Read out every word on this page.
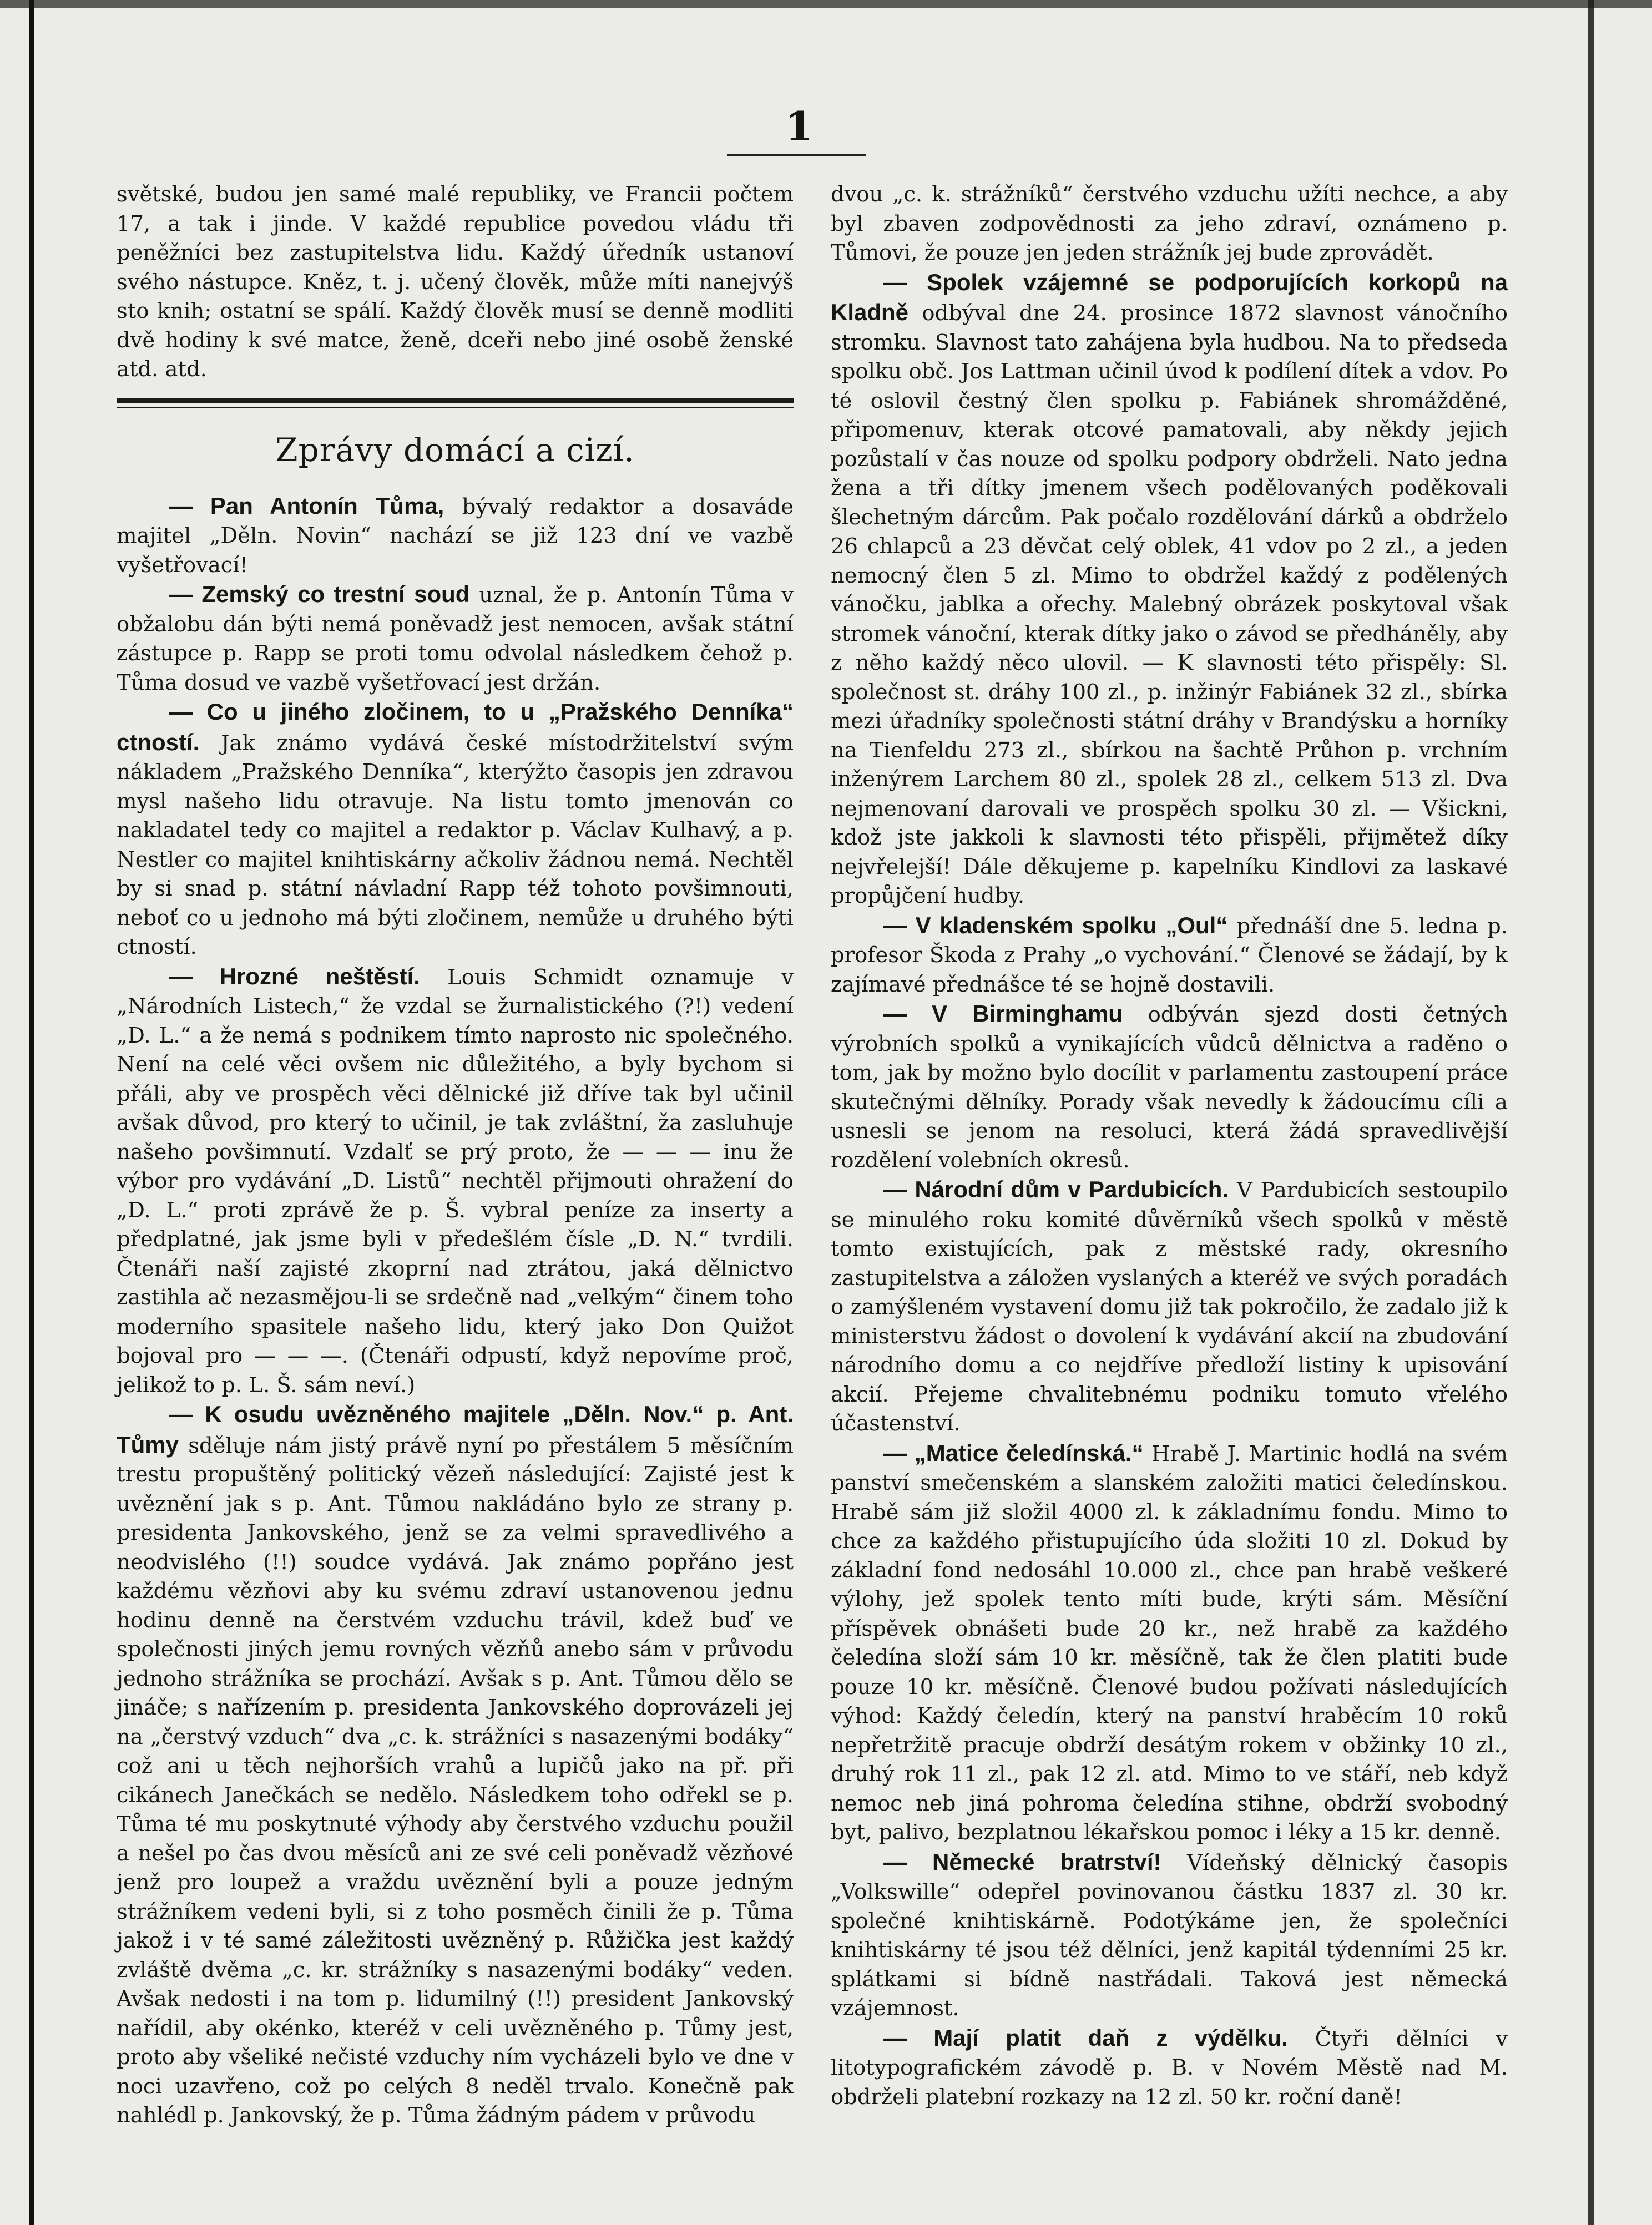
1

světské, budou jen samé malé republiky, ve Francii počtem 17, a tak i jinde. V každé republice povedou vládu tři peněžníci bez zastupitelstva lidu. Každý úředník ustanoví svého nástupce. Kněz, t. j. učený člověk, může míti nanejvýš sto knih; ostatní se spálí. Každý člověk musí se denně modliti dvě hodiny k své matce, ženě, dceři nebo jiné osobě ženské atd. atd.

Zprávy domácí a cizí.

— Pan Antonín Tůma, bývalý redaktor a dosaváde majitel „Děln. Novin“ nachází se již 123 dní ve vazbě vyšetřovací!

— Zemský co trestní soud uznal, že p. Antonín Tůma v obžalobu dán býti nemá poněvadž jest nemocen, avšak státní zástupce p. Rapp se proti tomu odvolal následkem čehož p. Tůma dosud ve vazbě vyšetřovací jest držán.

— Co u jiného zločinem, to u „Pražského Denníka“ ctností. Jak známo vydává české místodržitelství svým nákladem „Pražského Denníka“, kterýžto časopis jen zdravou mysl našeho lidu otravuje. Na listu tomto jmenován co nakladatel tedy co majitel a redaktor p. Václav Kulhavý, a p. Nestler co majitel knihtiskárny ačkoliv žádnou nemá. Nechtěl by si snad p. státní návladní Rapp též tohoto povšimnouti, neboť co u jednoho má býti zločinem, nemůže u druhého býti ctností.

— Hrozné neštěstí. Louis Schmidt oznamuje v „Národních Listech,“ že vzdal se žurnalistického (?!) vedení „D. L.“ a že nemá s podnikem tímto naprosto nic společného. Není na celé věci ovšem nic důležitého, a byly bychom si přáli, aby ve prospěch věci dělnické již dříve tak byl učinil avšak důvod, pro který to učinil, je tak zvláštní, ža zasluhuje našeho povšimnutí. Vzdalť se prý proto, že — — — inu že výbor pro vydávání „D. Listů“ nechtěl přijmouti ohražení do „D. L.“ proti zprávě že p. Š. vybral peníze za inserty a předplatné, jak jsme byli v předešlém čísle „D. N.“ tvrdili. Čtenáři naší zajisté zkoprní nad ztrátou, jaká dělnictvo zastihla ač nezasmějou-li se srdečně nad „velkým“ činem toho moderního spasitele našeho lidu, který jako Don Quižot bojoval pro — — —. (Čtenáři odpustí, když nepovíme proč, jelikož to p. L. Š. sám neví.)

— K osudu uvězněného majitele „Děln. Nov.“ p. Ant. Tůmy sděluje nám jistý právě nyní po přestálem 5 měsíčním trestu propuštěný politický vězeň následující: Zajisté jest k uvěznění jak s p. Ant. Tůmou nakládáno bylo ze strany p. presidenta Jankovského, jenž se za velmi spravedlivého a neodvislého (!!) soudce vydává. Jak známo popřáno jest každému vězňovi aby ku svému zdraví ustanovenou jednu hodinu denně na čerstvém vzduchu trávil, kdež buď ve společnosti jiných jemu rovných vězňů anebo sám v průvodu jednoho strážníka se prochází. Avšak s p. Ant. Tůmou dělo se jináče; s nařízením p. presidenta Jankovského doprovázeli jej na „čerstvý vzduch“ dva „c. k. strážníci s nasazenými bodáky“ což ani u těch nejhorších vrahů a lupičů jako na př. při cikánech Janečkách se nedělo. Následkem toho odřekl se p. Tůma té mu poskytnuté výhody aby čerstvého vzduchu použil a nešel po čas dvou měsíců ani ze své celi poněvadž vězňové jenž pro loupež a vraždu uvěznění byli a pouze jedným strážníkem vedeni byli, si z toho posměch činili že p. Tůma jakož i v té samé záležitosti uvězněný p. Růžička jest každý zvláště dvěma „c. kr. strážníky s nasazenými bodáky“ veden. Avšak nedosti i na tom p. lidumilný (!!) president Jankovský nařídil, aby okénko, kteréž v celi uvězněného p. Tůmy jest, proto aby všeliké nečisté vzduchy ním vycházeli bylo ve dne v noci uzavřeno, což po celých 8 neděl trvalo. Konečně pak nahlédl p. Jankovský, že p. Tůma žádným pádem v průvodu

dvou „c. k. strážníků“ čerstvého vzduchu užíti nechce, a aby byl zbaven zodpovědnosti za jeho zdraví, oznámeno p. Tůmovi, že pouze jen jeden strážník jej bude zprovádět.

— Spolek vzájemné se podporujících korkopů na Kladně odbýval dne 24. prosince 1872 slavnost vánočního stromku. Slavnost tato zahájena byla hudbou. Na to předseda spolku obč. Jos Lattman učinil úvod k podílení dítek a vdov. Po té oslovil čestný člen spolku p. Fabiánek shromážděné, připomenuv, kterak otcové pamatovali, aby někdy jejich pozůstalí v čas nouze od spolku podpory obdrželi. Nato jedna žena a tři dítky jmenem všech podělovaných poděkovali šlechetným dárcům. Pak počalo rozdělování dárků a obdrželo 26 chlapců a 23 děvčat celý oblek, 41 vdov po 2 zl., a jeden nemocný člen 5 zl. Mimo to obdržel každý z podělených vánočku, jablka a ořechy. Malebný obrázek poskytoval však stromek vánoční, kterak dítky jako o závod se předháněly, aby z něho každý něco ulovil. — K slavnosti této přispěly: Sl. společnost st. dráhy 100 zl., p. inžinýr Fabiánek 32 zl., sbírka mezi úřadníky společnosti státní dráhy v Brandýsku a horníky na Tienfeldu 273 zl., sbírkou na šachtě Průhon p. vrchním inženýrem Larchem 80 zl., spolek 28 zl., celkem 513 zl. Dva nejmenovaní darovali ve prospěch spolku 30 zl. — Všickni, kdož jste jakkoli k slavnosti této přispěli, přijmětež díky nejvřelejší! Dále děkujeme p. kapelníku Kindlovi za laskavé propůjčení hudby.

— V kladenském spolku „Oul“ přednáší dne 5. ledna p. profesor Škoda z Prahy „o vychování.“ Členové se žádají, by k zajímavé přednášce té se hojně dostavili.

— V Birminghamu odbýván sjezd dosti četných výrobních spolků a vynikajících vůdců dělnictva a raděno o tom, jak by možno bylo docílit v parlamentu zastoupení práce skutečnými dělníky. Porady však nevedly k žádoucímu cíli a usnesli se jenom na resoluci, která žádá spravedlivější rozdělení volebních okresů.

— Národní dům v Pardubicích. V Pardubicích sestoupilo se minulého roku komité důvěrníků všech spolků v městě tomto existujících, pak z městské rady, okresního zastupitelstva a záložen vyslaných a kteréž ve svých poradách o zamýšleném vystavení domu již tak pokročilo, že zadalo již k ministerstvu žádost o dovolení k vydávání akcií na zbudování národního domu a co nejdříve předloží listiny k upisování akcií. Přejeme chvalitebnému podniku tomuto vřelého účastenství.

— „Matice čeledínská.“ Hrabě J. Martinic hodlá na svém panství smečenském a slanském založiti matici čeledínskou. Hrabě sám již složil 4000 zl. k základnímu fondu. Mimo to chce za každého přistupujícího úda složiti 10 zl. Dokud by základní fond nedosáhl 10.000 zl., chce pan hrabě veškeré výlohy, jež spolek tento míti bude, krýti sám. Měsíční příspěvek obnášeti bude 20 kr., než hrabě za každého čeledína složí sám 10 kr. měsíčně, tak že člen platiti bude pouze 10 kr. měsíčně. Členové budou požívati následujících výhod: Každý čeledín, který na panství hraběcím 10 roků nepřetržitě pracuje obdrží desátým rokem v obžinky 10 zl., druhý rok 11 zl., pak 12 zl. atd. Mimo to ve stáří, neb když nemoc neb jiná pohroma čeledína stihne, obdrží svobodný byt, palivo, bezplatnou lékařskou pomoc i léky a 15 kr. denně.

— Německé bratrství! Vídeňský dělnický časopis „Volkswille“ odepřel povinovanou částku 1837 zl. 30 kr. společné knihtiskárně. Podotýkáme jen, že společníci knihtiskárny té jsou též dělníci, jenž kapitál týdenními 25 kr. splátkami si bídně nastřádali. Taková jest německá vzájemnost.

— Mají platit daň z výdělku. Čtyři dělníci v litotypografickém závodě p. B. v Novém Městě nad M. obdrželi platební rozkazy na 12 zl. 50 kr. roční daně!
